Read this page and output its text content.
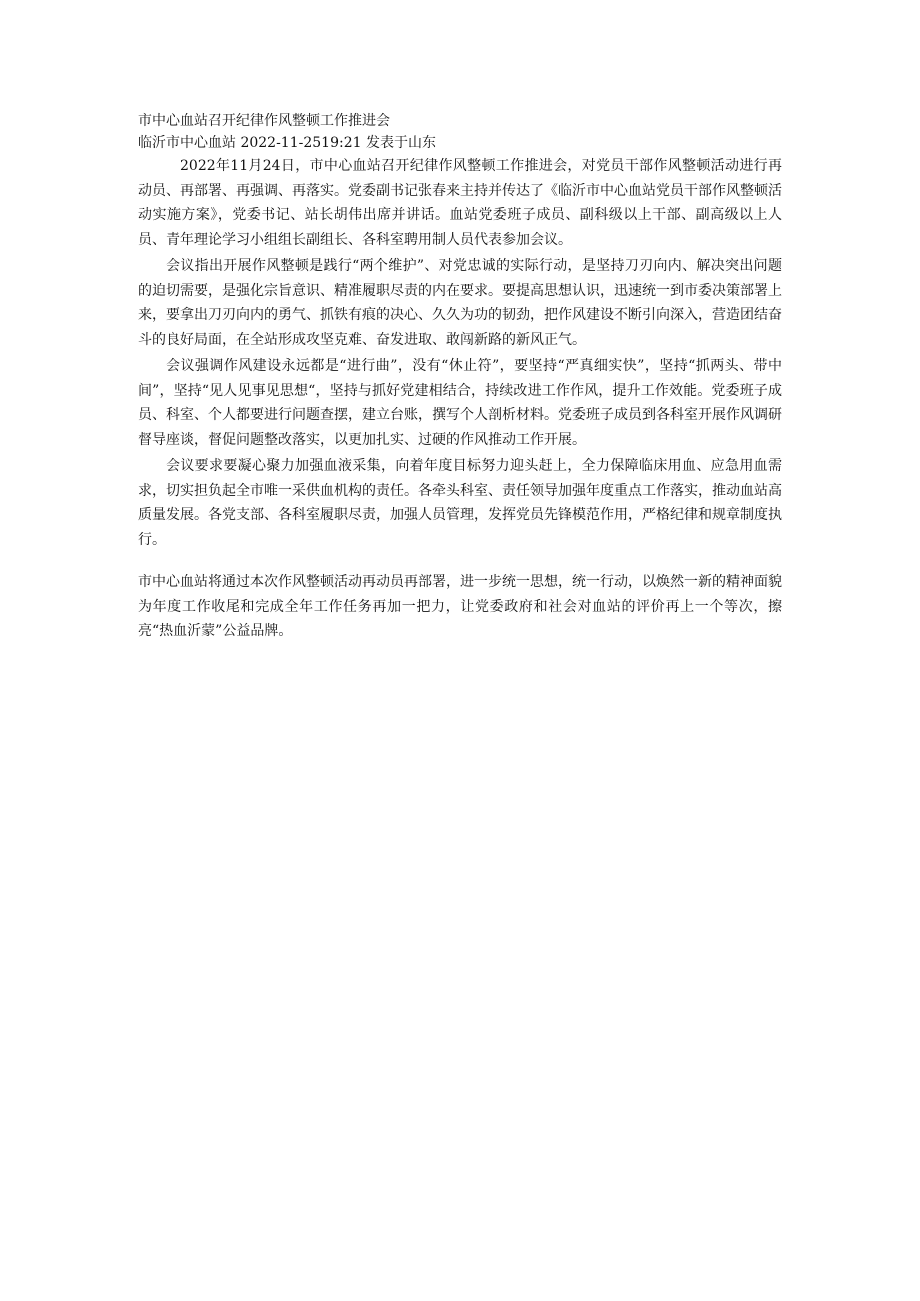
市中心血站召开纪律作风整顿工作推进会

临沂市中心血站 2022-11-2519:21 发表于山东

2022年11月24日，市中心血站召开纪律作风整顿工作推进会，对党员干部作风整顿活动进行再动员、再部署、再强调、再落实。党委副书记张春来主持并传达了《临沂市中心血站党员干部作风整顿活动实施方案》，党委书记、站长胡伟出席并讲话。血站党委班子成员、副科级以上干部、副高级以上人员、青年理论学习小组组长副组长、各科室聘用制人员代表参加会议。

会议指出开展作风整顿是践行“两个维护”、对党忠诚的实际行动，是坚持刀刃向内、解决突出问题的迫切需要，是强化宗旨意识、精准履职尽责的内在要求。要提高思想认识，迅速统一到市委决策部署上来，要拿出刀刃向内的勇气、抓铁有痕的决心、久久为功的韧劲，把作风建设不断引向深入，营造团结奋斗的良好局面，在全站形成攻坚克难、奋发进取、敢闯新路的新风正气。

会议强调作风建设永远都是“进行曲”，没有“休止符”，要坚持“严真细实快”，坚持“抓两头、带中间”，坚持“见人见事见思想“，坚持与抓好党建相结合，持续改进工作作风，提升工作效能。党委班子成员、科室、个人都要进行问题查摆，建立台账，撰写个人剖析材料。党委班子成员到各科室开展作风调研督导座谈，督促问题整改落实，以更加扎实、过硬的作风推动工作开展。

会议要求要凝心聚力加强血液采集，向着年度目标努力迎头赶上，全力保障临床用血、应急用血需求，切实担负起全市唯一采供血机构的责任。各牵头科室、责任领导加强年度重点工作落实，推动血站高质量发展。各党支部、各科室履职尽责，加强人员管理，发挥党员先锋模范作用，严格纪律和规章制度执行。

市中心血站将通过本次作风整顿活动再动员再部署，进一步统一思想，统一行动，以焕然一新的精神面貌为年度工作收尾和完成全年工作任务再加一把力，让党委政府和社会对血站的评价再上一个等次，擦亮“热血沂蒙”公益品牌。
